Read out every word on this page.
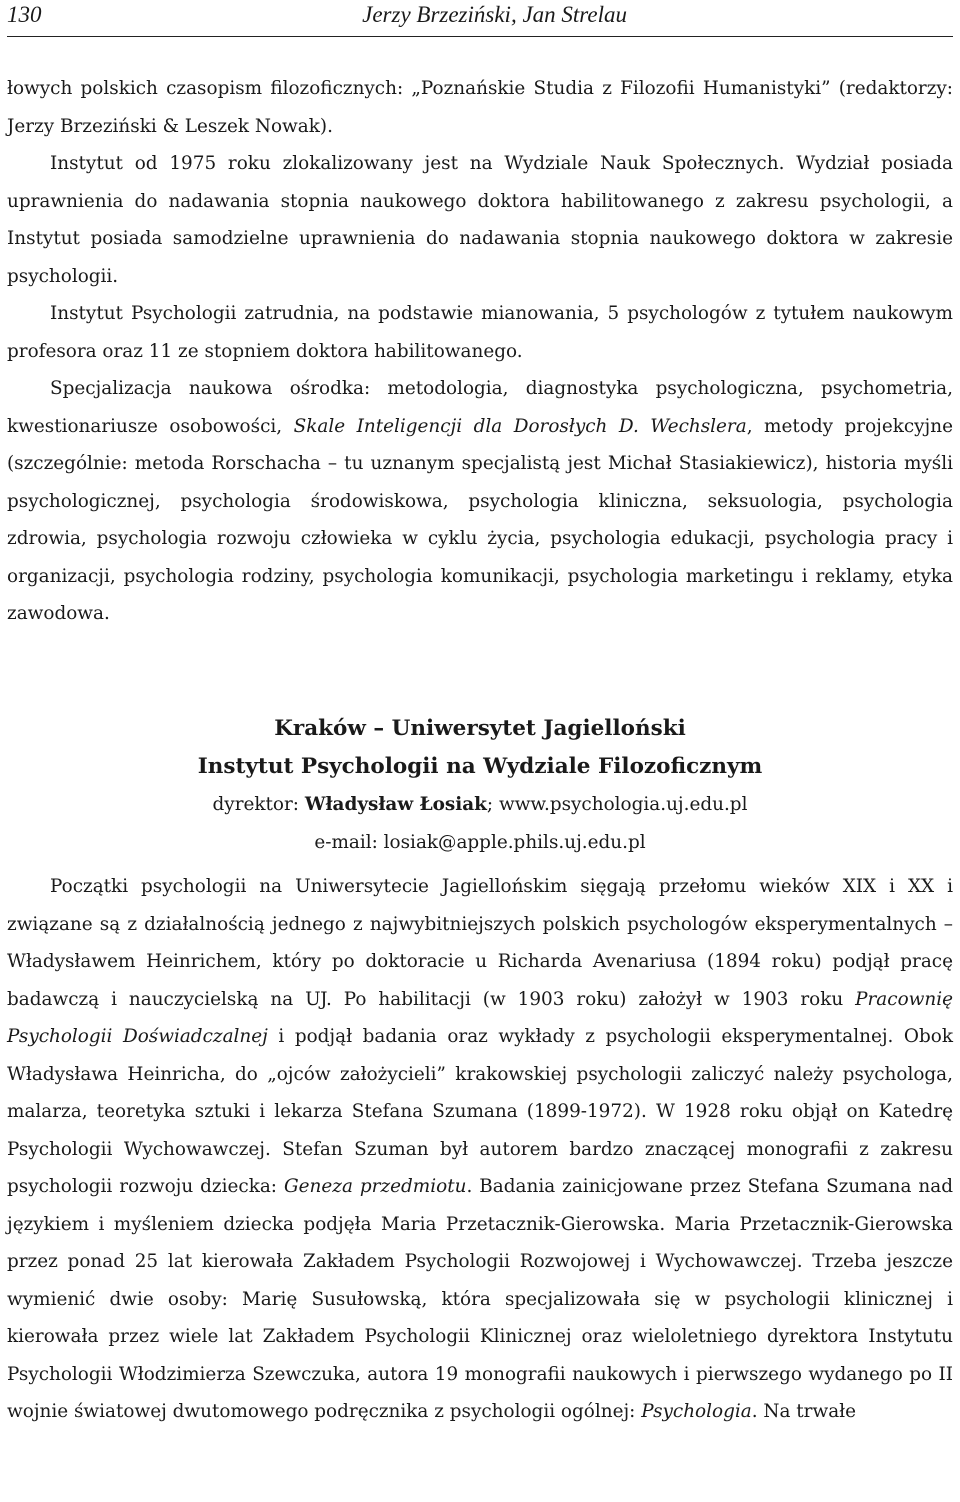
130	Jerzy Brzeziński, Jan Strelau

łowych polskich czasopism filozoficznych: „Poznańskie Studia z Filozofii Humanistyki” (redaktorzy: Jerzy Brzeziński & Leszek Nowak).

Instytut od 1975 roku zlokalizowany jest na Wydziale Nauk Społecznych. Wydział posiada uprawnienia do nadawania stopnia naukowego doktora habilitowanego z zakresu psychologii, a Instytut posiada samodzielne uprawnienia do nadawania stopnia naukowego doktora w zakresie psychologii.

Instytut Psychologii zatrudnia, na podstawie mianowania, 5 psychologów z tytułem naukowym profesora oraz 11 ze stopniem doktora habilitowanego.

Specjalizacja naukowa ośrodka: metodologia, diagnostyka psychologiczna, psychometria, kwestionariusze osobowości, Skale Inteligencji dla Dorosłych D. Wechslera, metody projekcyjne (szczególnie: metoda Rorschacha – tu uznanym specjalistą jest Michał Stasiakiewicz), historia myśli psychologicznej, psychologia środowiskowa, psychologia kliniczna, seksuologia, psychologia zdrowia, psychologia rozwoju człowieka w cyklu życia, psychologia edukacji, psychologia pracy i organizacji, psychologia rodziny, psychologia komunikacji, psychologia marketingu i reklamy, etyka zawodowa.

Kraków – Uniwersytet Jagielloński
Instytut Psychologii na Wydziale Filozoficznym
dyrektor: Władysław Łosiak; www.psychologia.uj.edu.pl
e-mail: losiak@apple.phils.uj.edu.pl

Początki psychologii na Uniwersytecie Jagiellońskim sięgają przełomu wieków XIX i XX i związane są z działalnością jednego z najwybitniejszych polskich psychologów eksperymentalnych – Władysławem Heinrichem, który po doktoracie u Richarda Avenariusa (1894 roku) podjął pracę badawczą i nauczycielską na UJ. Po habilitacji (w 1903 roku) założył w 1903 roku Pracownię Psychologii Doświadczalnej i podjął badania oraz wykłady z psychologii eksperymentalnej. Obok Władysława Heinricha, do „ojców założycieli” krakowskiej psychologii zaliczyć należy psychologa, malarza, teoretyka sztuki i lekarza Stefana Szumana (1899-1972). W 1928 roku objął on Katedrę Psychologii Wychowawczej. Stefan Szuman był autorem bardzo znaczącej monografii z zakresu psychologii rozwoju dziecka: Geneza przedmiotu. Badania zainicjowane przez Stefana Szumana nad językiem i myśleniem dziecka podjęła Maria Przetacznik-Gierowska. Maria Przetacznik-Gierowska przez ponad 25 lat kierowała Zakładem Psychologii Rozwojowej i Wychowawczej. Trzeba jeszcze wymienić dwie osoby: Marię Susułowską, która specjalizowała się w psychologii klinicznej i kierowała przez wiele lat Zakładem Psychologii Klinicznej oraz wieloletniego dyrektora Instytutu Psychologii Włodzimierza Szewczuka, autora 19 monografii naukowych i pierwszego wydanego po II wojnie światowej dwutomowego podręcznika z psychologii ogólnej: Psychologia. Na trwałe
